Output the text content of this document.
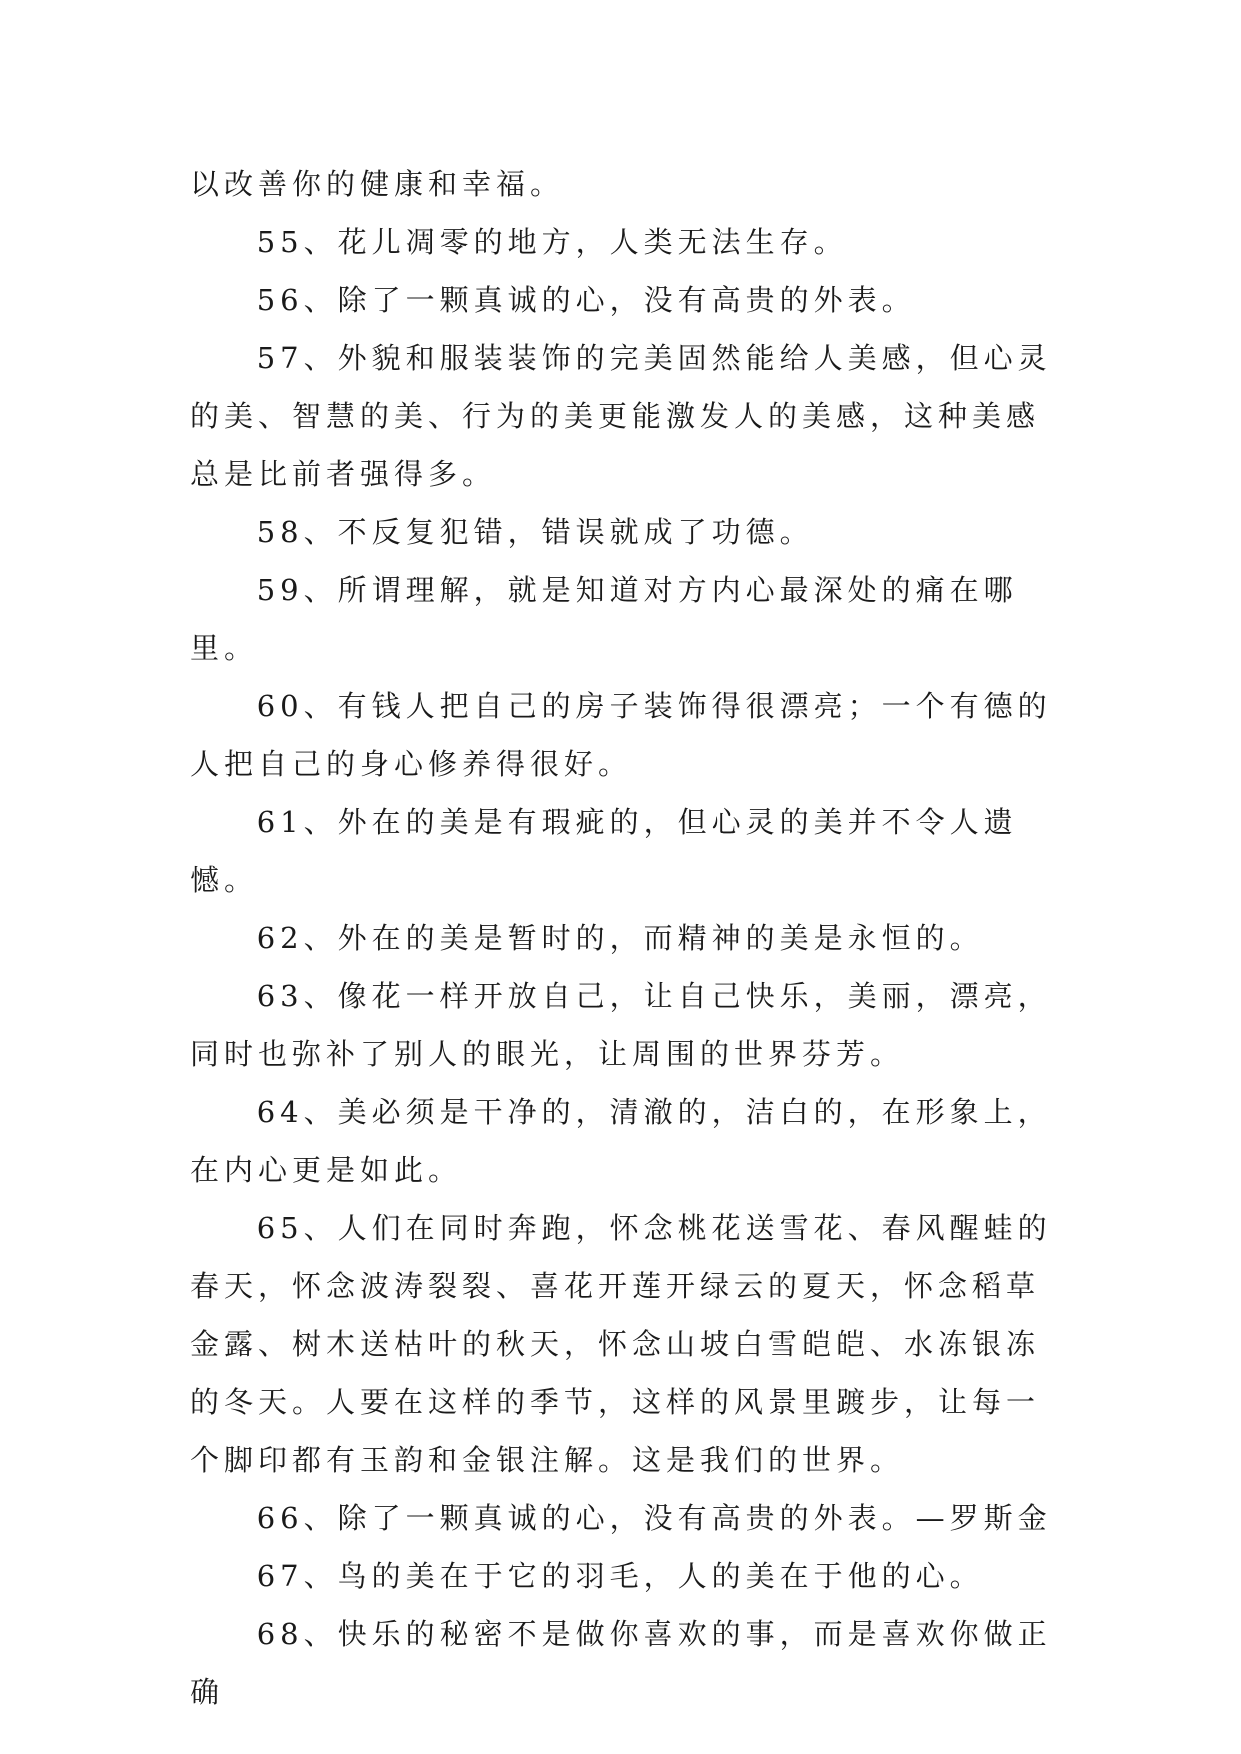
以改善你的健康和幸福。

55、花儿凋零的地方，人类无法生存。

56、除了一颗真诚的心，没有高贵的外表。

57、外貌和服装装饰的完美固然能给人美感，但心灵的美、智慧的美、行为的美更能激发人的美感，这种美感总是比前者强得多。

58、不反复犯错，错误就成了功德。

59、所谓理解，就是知道对方内心最深处的痛在哪里。

60、有钱人把自己的房子装饰得很漂亮；一个有德的人把自己的身心修养得很好。

61、外在的美是有瑕疵的，但心灵的美并不令人遗憾。

62、外在的美是暂时的，而精神的美是永恒的。

63、像花一样开放自己，让自己快乐，美丽，漂亮，同时也弥补了别人的眼光，让周围的世界芬芳。

64、美必须是干净的，清澈的，洁白的，在形象上，在内心更是如此。

65、人们在同时奔跑，怀念桃花送雪花、春风醒蛙的春天，怀念波涛裂裂、喜花开莲开绿云的夏天，怀念稻草金露、树木送枯叶的秋天，怀念山坡白雪皑皑、水冻银冻的冬天。人要在这样的季节，这样的风景里踱步，让每一个脚印都有玉韵和金银注解。这是我们的世界。

66、除了一颗真诚的心，没有高贵的外表。—罗斯金

67、鸟的美在于它的羽毛，人的美在于他的心。

68、快乐的秘密不是做你喜欢的事，而是喜欢你做正确
